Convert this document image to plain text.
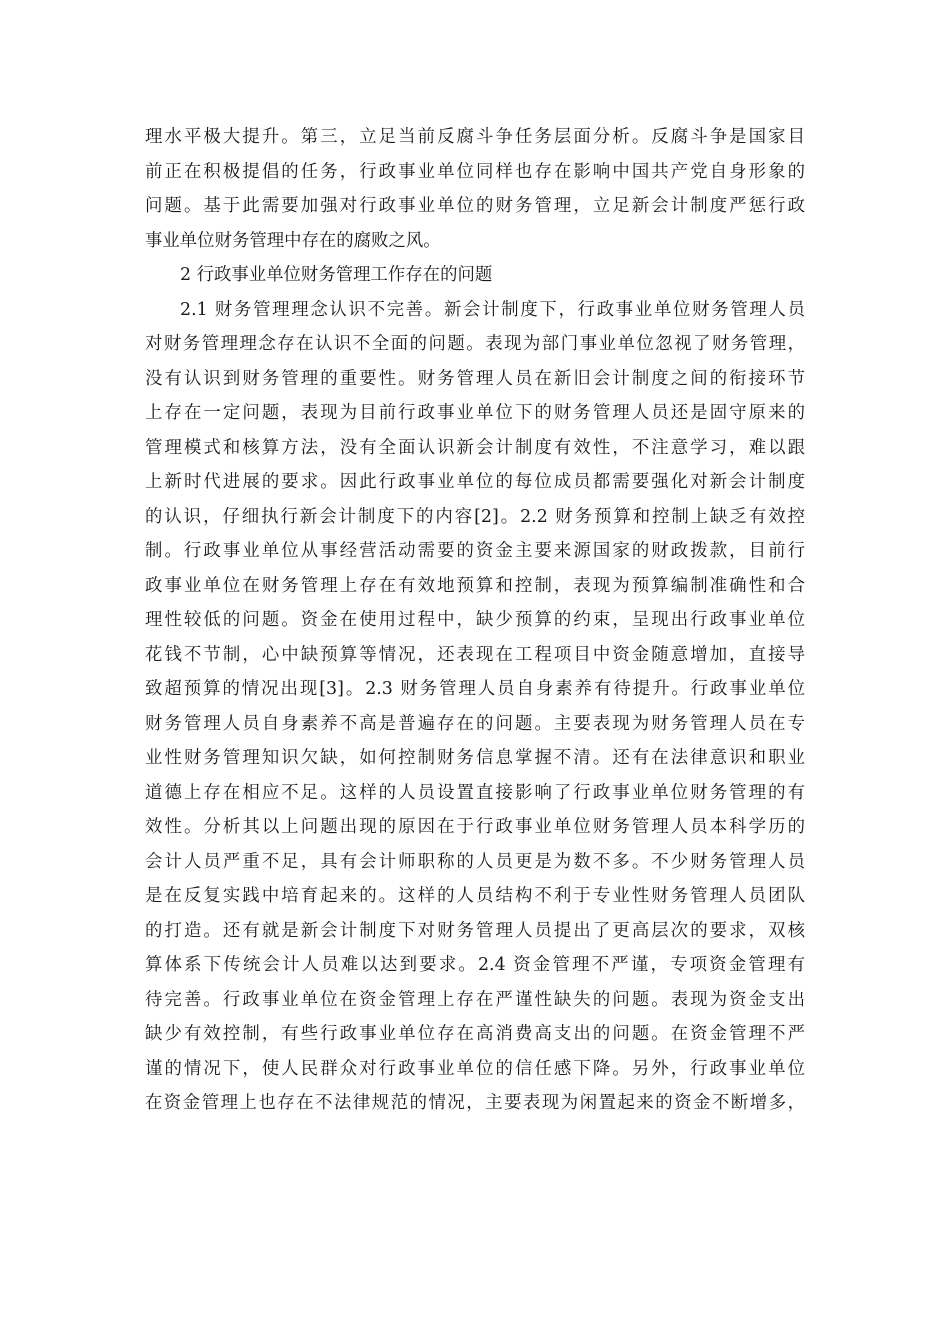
理水平极大提升。第三，立足当前反腐斗争任务层面分析。反腐斗争是国家目
前正在积极提倡的任务，行政事业单位同样也存在影响中国共产党自身形象的
问题。基于此需要加强对行政事业单位的财务管理，立足新会计制度严惩行政
事业单位财务管理中存在的腐败之风。
2 行政事业单位财务管理工作存在的问题
2.1 财务管理理念认识不完善。新会计制度下，行政事业单位财务管理人员
对财务管理理念存在认识不全面的问题。表现为部门事业单位忽视了财务管理，
没有认识到财务管理的重要性。财务管理人员在新旧会计制度之间的衔接环节
上存在一定问题，表现为目前行政事业单位下的财务管理人员还是固守原来的
管理模式和核算方法，没有全面认识新会计制度有效性，不注意学习，难以跟
上新时代进展的要求。因此行政事业单位的每位成员都需要强化对新会计制度
的认识，仔细执行新会计制度下的内容[2]。2.2 财务预算和控制上缺乏有效控
制。行政事业单位从事经营活动需要的资金主要来源国家的财政拨款，目前行
政事业单位在财务管理上存在有效地预算和控制，表现为预算编制准确性和合
理性较低的问题。资金在使用过程中，缺少预算的约束，呈现出行政事业单位
花钱不节制，心中缺预算等情况，还表现在工程项目中资金随意增加，直接导
致超预算的情况出现[3]。2.3 财务管理人员自身素养有待提升。行政事业单位
财务管理人员自身素养不高是普遍存在的问题。主要表现为财务管理人员在专
业性财务管理知识欠缺，如何控制财务信息掌握不清。还有在法律意识和职业
道德上存在相应不足。这样的人员设置直接影响了行政事业单位财务管理的有
效性。分析其以上问题出现的原因在于行政事业单位财务管理人员本科学历的
会计人员严重不足，具有会计师职称的人员更是为数不多。不少财务管理人员
是在反复实践中培育起来的。这样的人员结构不利于专业性财务管理人员团队
的打造。还有就是新会计制度下对财务管理人员提出了更高层次的要求，双核
算体系下传统会计人员难以达到要求。2.4 资金管理不严谨，专项资金管理有
待完善。行政事业单位在资金管理上存在严谨性缺失的问题。表现为资金支出
缺少有效控制，有些行政事业单位存在高消费高支出的问题。在资金管理不严
谨的情况下，使人民群众对行政事业单位的信任感下降。另外，行政事业单位
在资金管理上也存在不法律规范的情况，主要表现为闲置起来的资金不断增多，
